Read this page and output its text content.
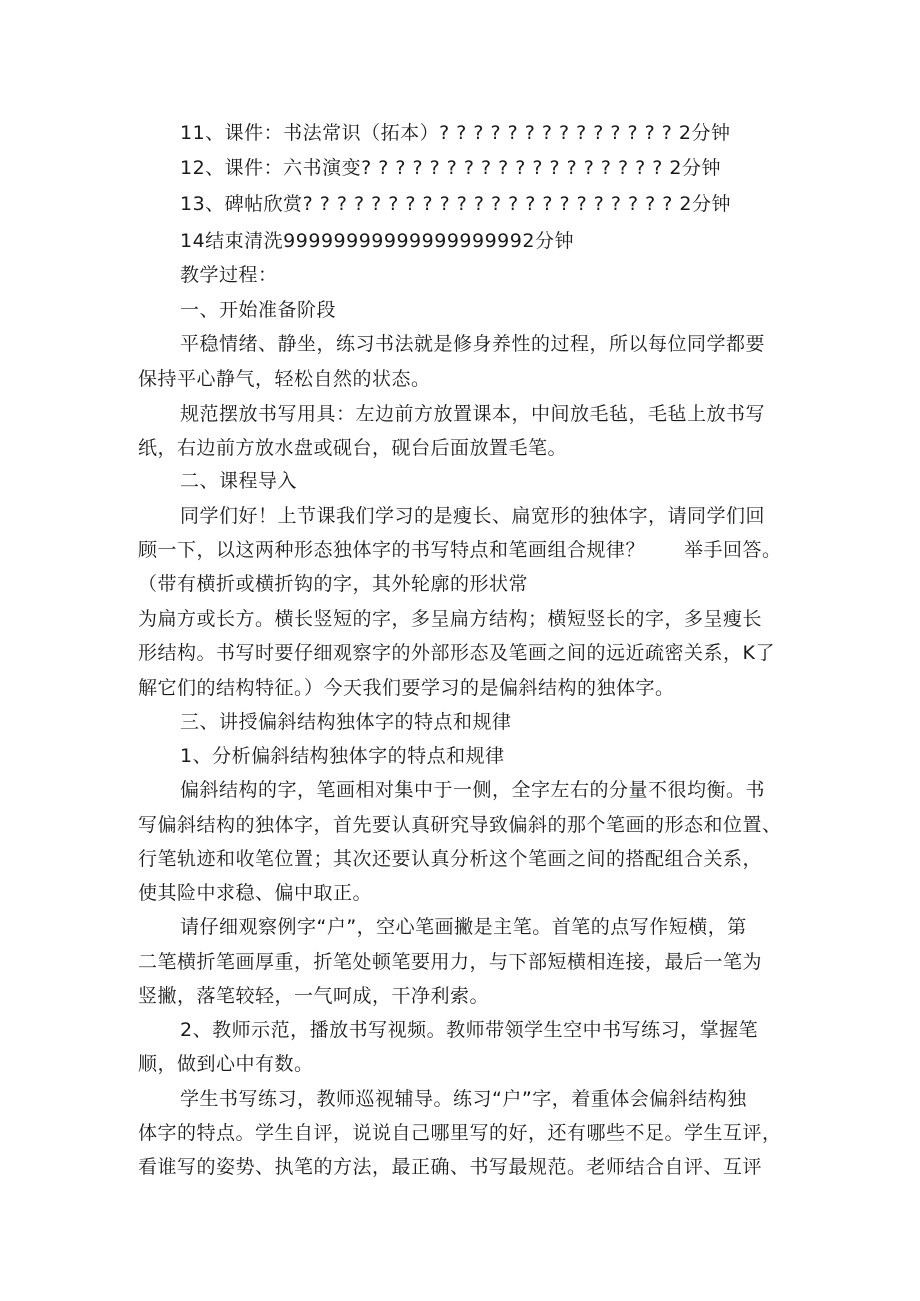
11、课件：书法常识（拓本）? ? ? ? ? ? ? ? ? ? ? ? ? ? 2分钟
12、课件：六书演变? ? ? ? ? ? ? ? ? ? ? ? ? ? ? ? ? ? 2分钟
13、碑帖欣赏? ? ? ? ? ? ? ? ? ? ? ? ? ? ? ? ? ? ? ? ? ? 2分钟
14结束清洗99999999999999999992分钟
教学过程：
一、开始准备阶段
平稳情绪、静坐，练习书法就是修身养性的过程，所以每位同学都要
保持平心静气，轻松自然的状态。
规范摆放书写用具：左边前方放置课本，中间放毛毡，毛毡上放书写
纸，右边前方放水盘或砚台，砚台后面放置毛笔。
二、课程导入
同学们好！上节课我们学习的是瘦长、扁宽形的独体字，请同学们回
顾一下，以这两种形态独体字的书写特点和笔画组合规律？　　举手回答。
（带有横折或横折钩的字，其外轮廓的形状常
为扁方或长方。横长竖短的字，多呈扁方结构；横短竖长的字，多呈瘦长
形结构。书写时要仔细观察字的外部形态及笔画之间的远近疏密关系，K了
解它们的结构特征。）今天我们要学习的是偏斜结构的独体字。
三、讲授偏斜结构独体字的特点和规律
1、分析偏斜结构独体字的特点和规律
偏斜结构的字，笔画相对集中于一侧，全字左右的分量不很均衡。书
写偏斜结构的独体字，首先要认真研究导致偏斜的那个笔画的形态和位置、
行笔轨迹和收笔位置；其次还要认真分析这个笔画之间的搭配组合关系，
使其险中求稳、偏中取正。
请仔细观察例字“户”，空心笔画撇是主笔。首笔的点写作短横，第
二笔横折笔画厚重，折笔处顿笔要用力，与下部短横相连接，最后一笔为
竖撇，落笔较轻，一气呵成，干净利索。
2、教师示范，播放书写视频。教师带领学生空中书写练习，掌握笔
顺，做到心中有数。
学生书写练习，教师巡视辅导。练习“户”字，着重体会偏斜结构独
体字的特点。学生自评，说说自己哪里写的好，还有哪些不足。学生互评，
看谁写的姿势、执笔的方法，最正确、书写最规范。老师结合自评、互评
